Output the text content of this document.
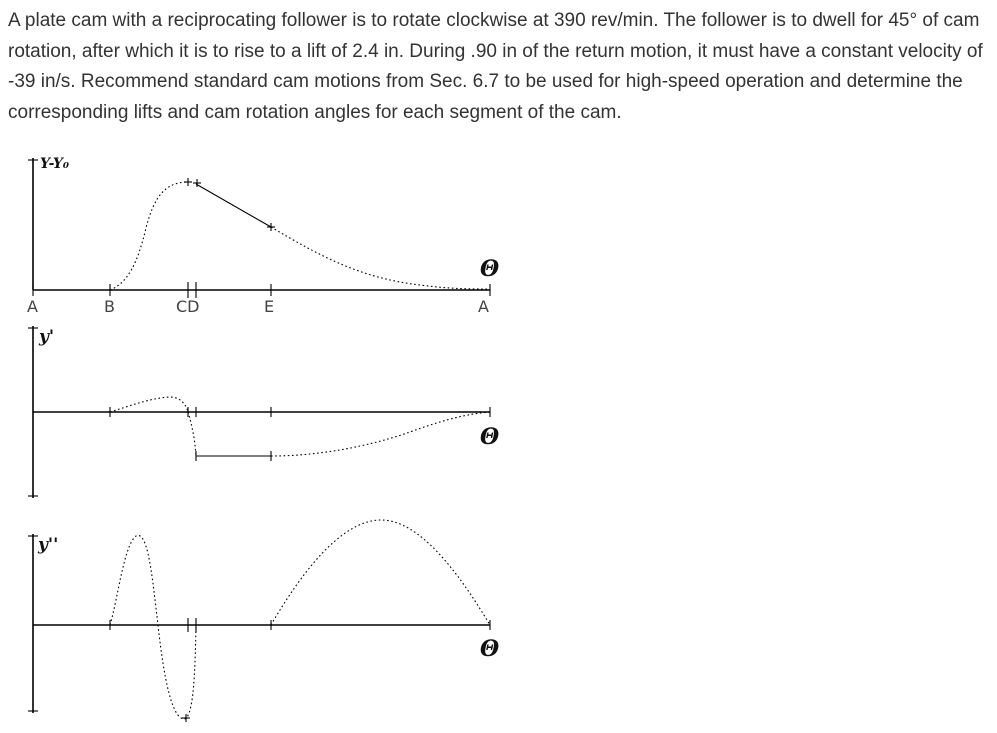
A plate cam with a reciprocating follower is to rotate clockwise at 390 rev/min. The follower is to dwell for 45° of cam rotation, after which it is to rise to a lift of 2.4 in. During .90 in of the return motion, it must have a constant velocity of -39 in/s. Recommend standard cam motions from Sec. 6.7 to be used for high-speed operation and determine the corresponding lifts and cam rotation angles for each segment of the cam.

Y-Y₀
A	B	CD	E	A
Θ
y'
Θ
y''
Θ
